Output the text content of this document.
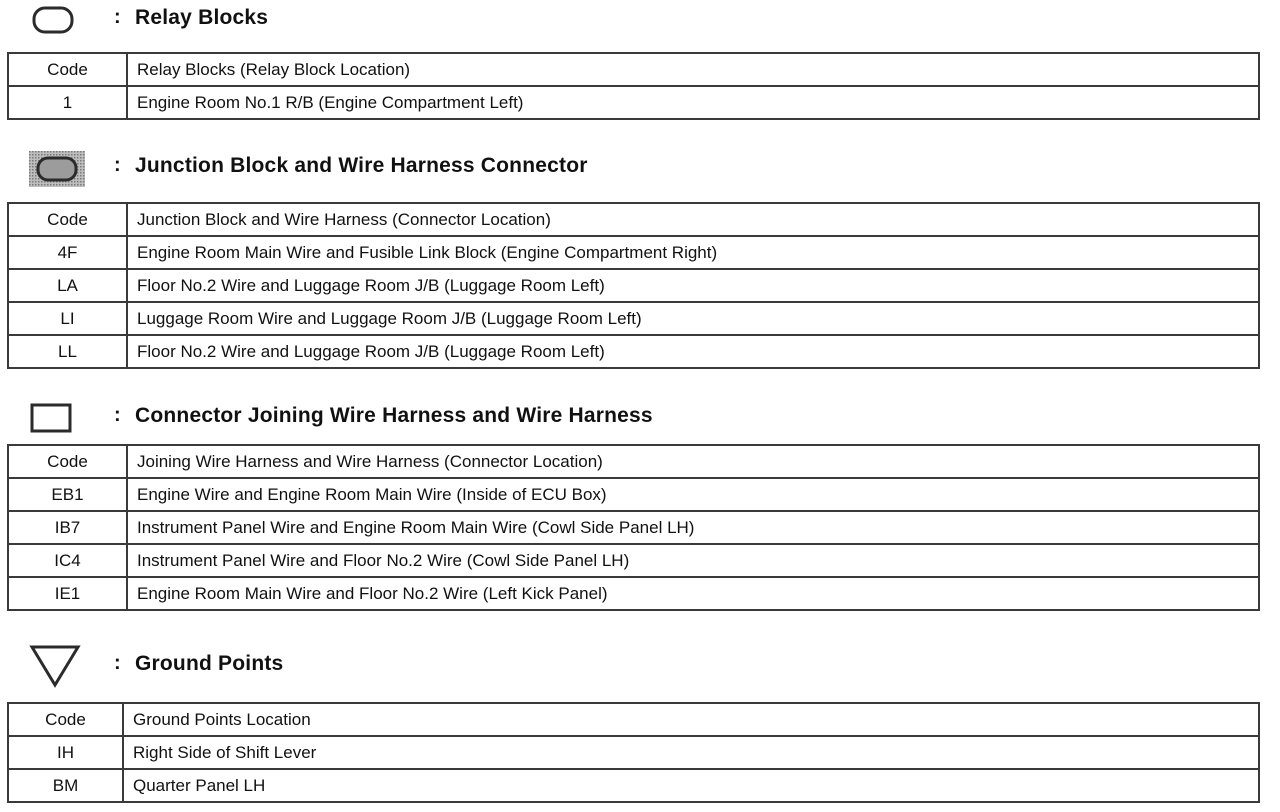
: Relay Blocks
Code	Relay Blocks (Relay Block Location)
1	Engine Room No.1 R/B (Engine Compartment Left)
: Junction Block and Wire Harness Connector
Code	Junction Block and Wire Harness (Connector Location)
4F	Engine Room Main Wire and Fusible Link Block (Engine Compartment Right)
LA	Floor No.2 Wire and Luggage Room J/B (Luggage Room Left)
LI	Luggage Room Wire and Luggage Room J/B (Luggage Room Left)
LL	Floor No.2 Wire and Luggage Room J/B (Luggage Room Left)
: Connector Joining Wire Harness and Wire Harness
Code	Joining Wire Harness and Wire Harness (Connector Location)
EB1	Engine Wire and Engine Room Main Wire (Inside of ECU Box)
IB7	Instrument Panel Wire and Engine Room Main Wire (Cowl Side Panel LH)
IC4	Instrument Panel Wire and Floor No.2 Wire (Cowl Side Panel LH)
IE1	Engine Room Main Wire and Floor No.2 Wire (Left Kick Panel)
: Ground Points
Code	Ground Points Location
IH	Right Side of Shift Lever
BM	Quarter Panel LH
